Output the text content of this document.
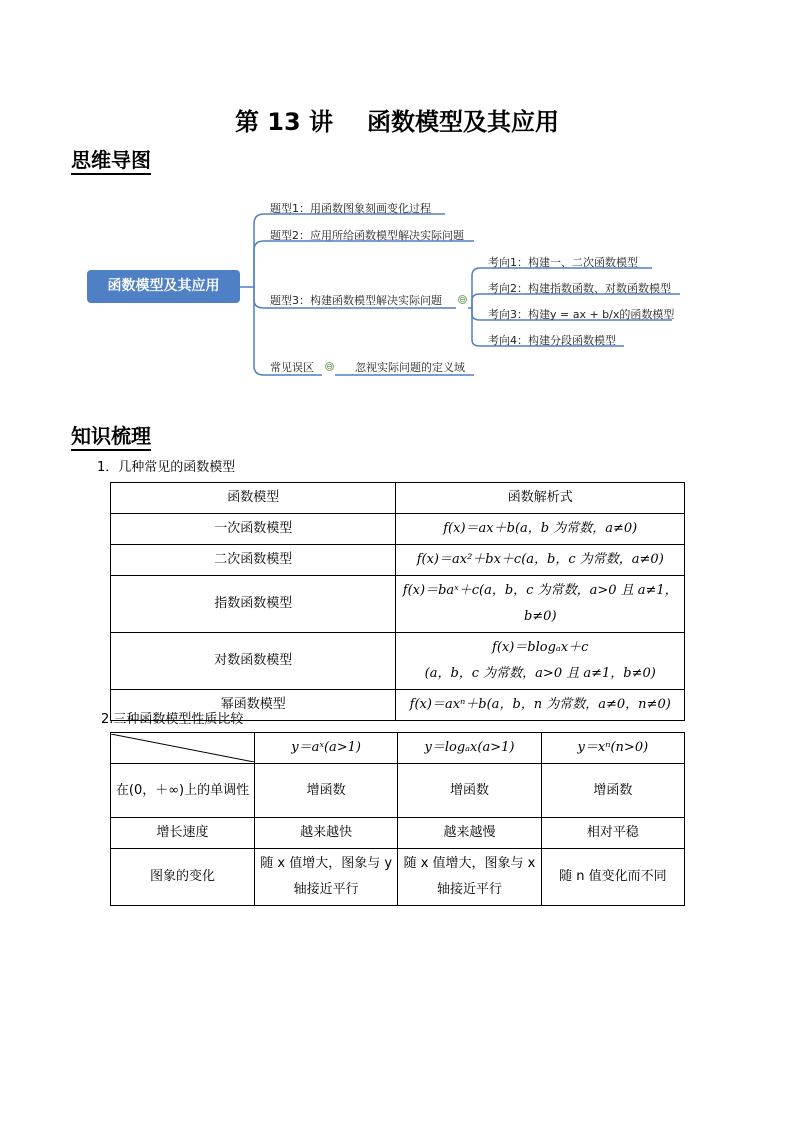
第 13 讲 函数模型及其应用
思维导图
函数模型及其应用
题型1：用函数图象刻画变化过程
题型2：应用所给函数模型解决实际问题
题型3：构建函数模型解决实际问题 ⊖
考向1：构建一、二次函数模型
考向2：构建指数函数、对数函数模型
考向3：构建y = ax + b/x的函数模型
考向4：构建分段函数模型
常见误区 ⊖ 忽视实际问题的定义域
知识梳理
1．几种常见的函数模型
函数模型	函数解析式
一次函数模型	f(x)＝ax＋b(a，b 为常数，a≠0)
二次函数模型	f(x)＝ax²＋bx＋c(a，b，c 为常数，a≠0)
指数函数模型	f(x)＝baˣ＋c(a，b，c 为常数，a>0 且 a≠1，b≠0)
对数函数模型	f(x)＝blogₐx＋c
(a，b，c 为常数，a>0 且 a≠1，b≠0)

幂函数模型	f(x)＝axⁿ＋b(a，b，n 为常数，a≠0，n≠0)
2.三种函数模型性质比较
	y＝aˣ(a>1)	y＝logₐx(a>1)	y＝xⁿ(n>0)
在(0，＋∞)上的单调性	增函数	增函数	增函数
增长速度	越来越快	越来越慢	相对平稳
图象的变化	随 x 值增大，图象与 y 轴接近平行	随 x 值增大，图象与 x 轴接近平行	随 n 值变化而不同
